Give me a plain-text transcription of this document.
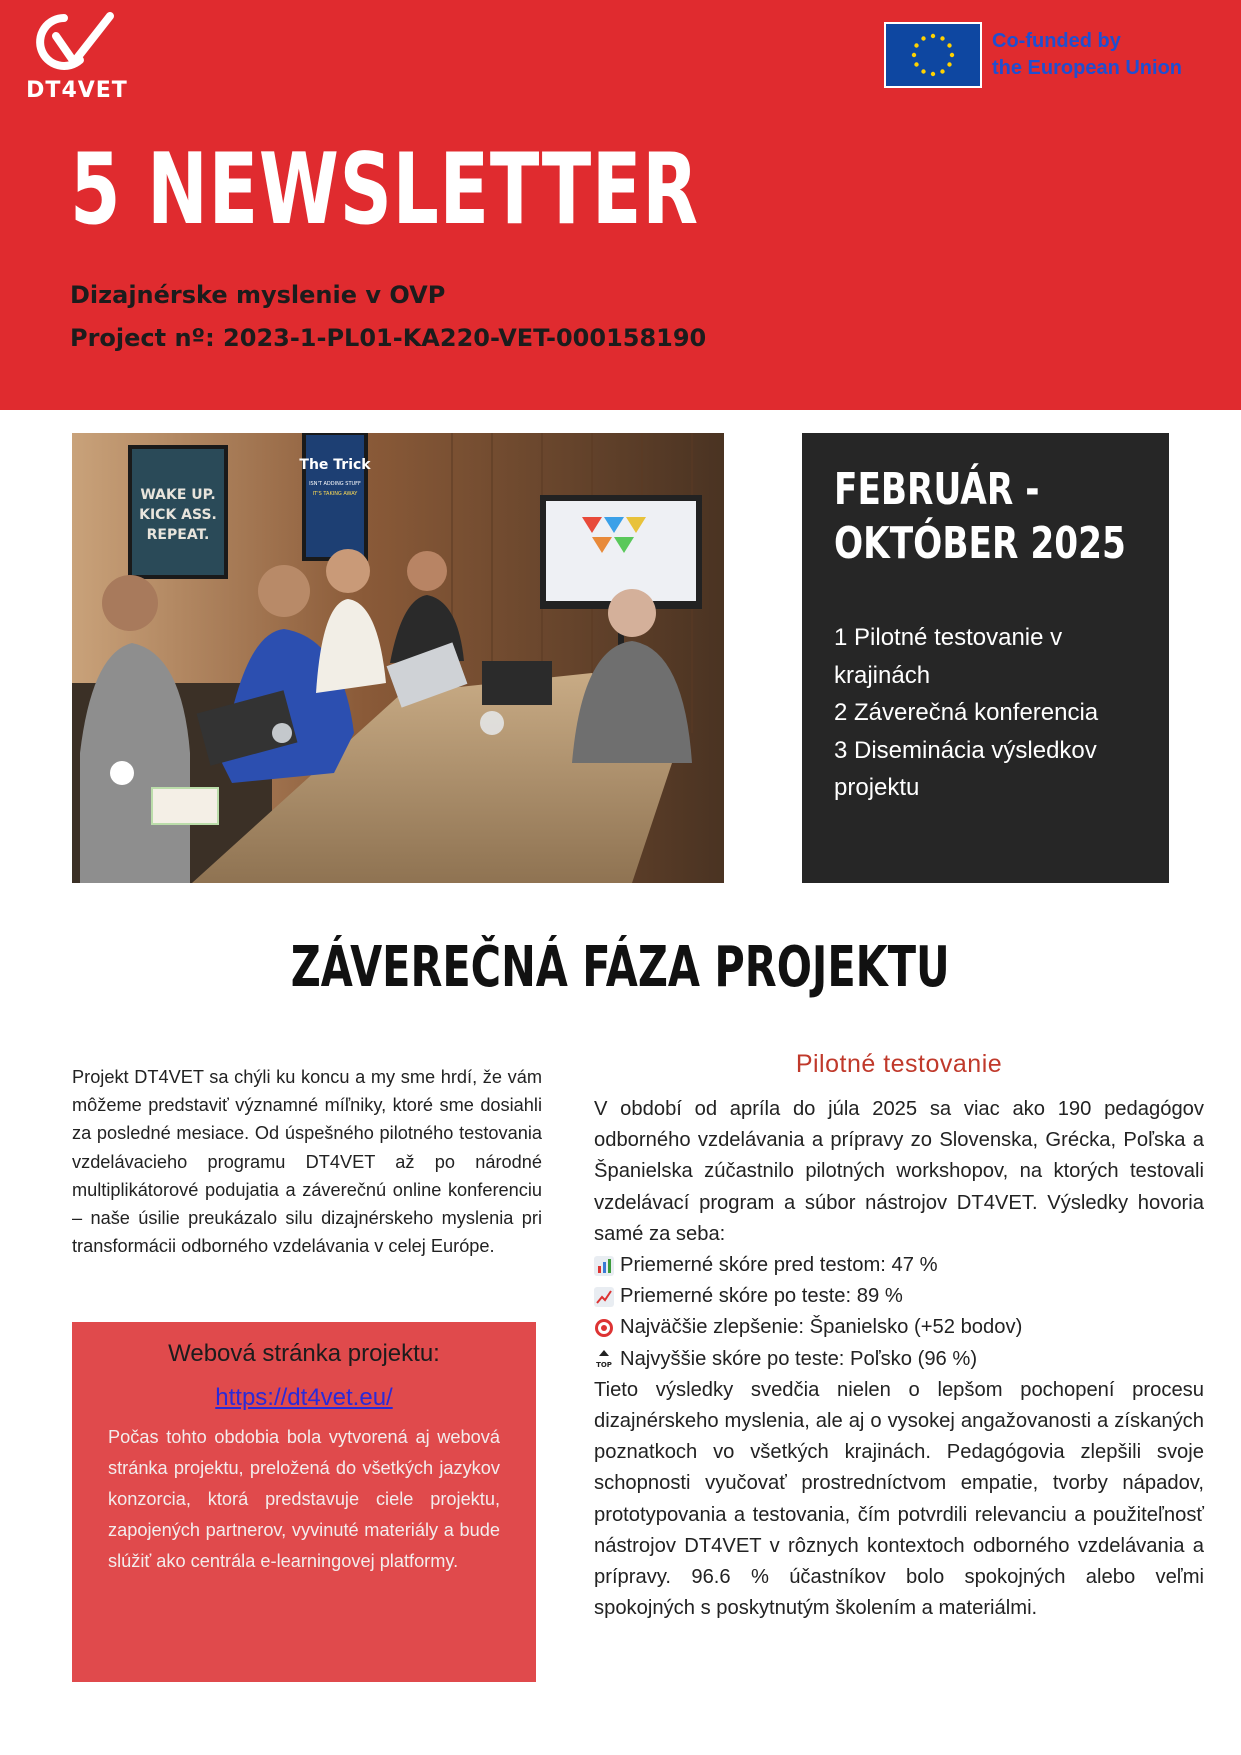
DT4VET
Co-funded by
the European Union
5 NEWSLETTER
Dizajnérske myslenie v OVP
Project nº: 2023-1-PL01-KA220-VET-000158190
WAKE UP.
KICK ASS.
REPEAT.
The Trick
ISN'T ADDING STUFF
IT'S TAKING AWAY	FEBRUÁR -
OKTÓBER 2025
1 Pilotné testovanie v krajinách
2 Záverečná konferencia
3 Diseminácia výsledkov projektu
ZÁVEREČNÁ FÁZA PROJEKTU
Projekt DT4VET sa chýli ku koncu a my sme hrdí, že vám môžeme predstaviť významné míľniky, ktoré sme dosiahli za posledné mesiace. Od úspešného pilotného testovania vzdelávacieho programu DT4VET až po národné multiplikátorové podujatia a záverečnú online konferenciu – naše úsilie preukázalo silu dizajnérskeho myslenia pri transformácii odborného vzdelávania v celej Európe.
Webová stránka projektu:
https://dt4vet.eu/
Počas tohto obdobia bola vytvorená aj webová stránka projektu, preložená do všetkých jazykov konzorcia, ktorá predstavuje ciele projektu, zapojených partnerov, vyvinuté materiály a bude slúžiť ako centrála e-learningovej platformy.
Pilotné testovanie

V období od apríla do júla 2025 sa viac ako 190 pedagógov odborného vzdelávania a prípravy zo Slovenska, Grécka, Poľska a Španielska zúčastnilo pilotných workshopov, na ktorých testovali vzdelávací program a súbor nástrojov DT4VET. Výsledky hovoria samé za seba:

Priemerné skóre pred testom: 47 %
Priemerné skóre po teste: 89 %
Najväčšie zlepšenie: Španielsko (+52 bodov)
TOP Najvyššie skóre po teste: Poľsko (96 %)

Tieto výsledky svedčia nielen o lepšom pochopení procesu dizajnérskeho myslenia, ale aj o vysokej angažovanosti a získaných poznatkoch vo všetkých krajinách. Pedagógovia zlepšili svoje schopnosti vyučovať prostredníctvom empatie, tvorby nápadov, prototypovania a testovania, čím potvrdili relevanciu a použiteľnosť nástrojov DT4VET v rôznych kontextoch odborného vzdelávania a prípravy. 96.6 % účastníkov bolo spokojných alebo veľmi spokojných s poskytnutým školením a materiálmi.
